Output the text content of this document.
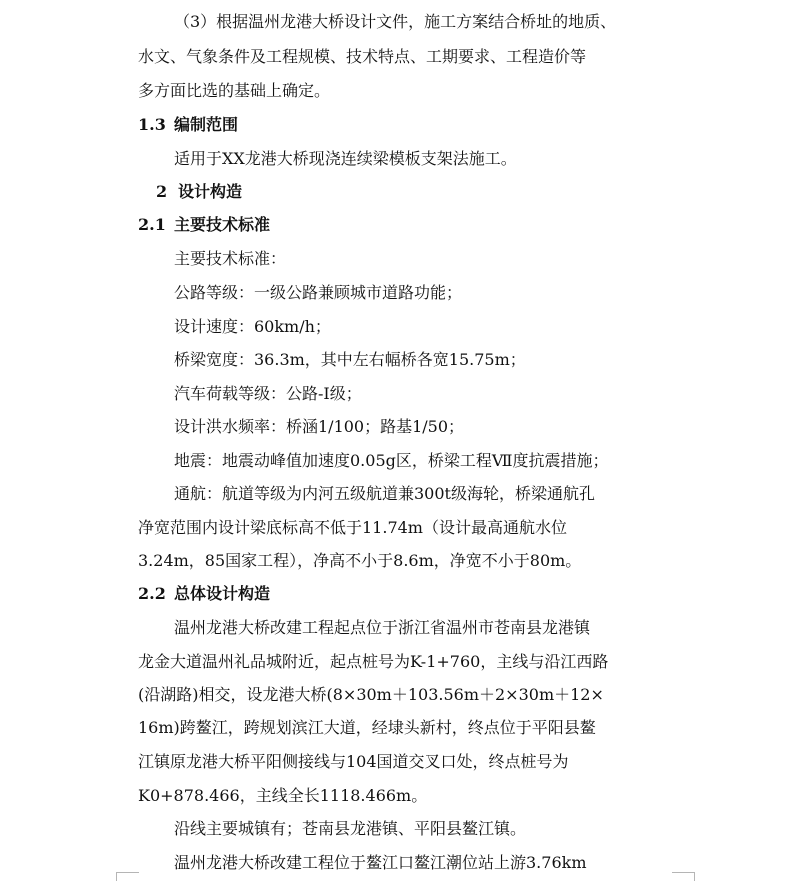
（3）根据温州龙港大桥设计文件，施工方案结合桥址的地质、

水文、气象条件及工程规模、技术特点、工期要求、工程造价等

多方面比选的基础上确定。

1.3 编制范围

适用于XX龙港大桥现浇连续梁模板支架法施工。

2 设计构造

2.1 主要技术标准

主要技术标准：

公路等级：一级公路兼顾城市道路功能；

设计速度：60km/h；

桥梁宽度：36.3m，其中左右幅桥各宽15.75m；

汽车荷载等级：公路-Ⅰ级；

设计洪水频率：桥涵1/100；路基1/50；

地震：地震动峰值加速度0.05g区，桥梁工程Ⅶ度抗震措施；

通航：航道等级为内河五级航道兼300t级海轮，桥梁通航孔

净宽范围内设计梁底标高不低于11.74m（设计最高通航水位

3.24m，85国家工程），净高不小于8.6m，净宽不小于80m。

2.2 总体设计构造

温州龙港大桥改建工程起点位于浙江省温州市苍南县龙港镇

龙金大道温州礼品城附近，起点桩号为K-1+760，主线与沿江西路

(沿湖路)相交，设龙港大桥(8×30m＋103.56m＋2×30m＋12×

16m)跨鳌江，跨规划滨江大道，经埭头新村，终点位于平阳县鳌

江镇原龙港大桥平阳侧接线与104国道交叉口处，终点桩号为

K0+878.466，主线全长1118.466m。

沿线主要城镇有；苍南县龙港镇、平阳县鳌江镇。

温州龙港大桥改建工程位于鳌江口鳌江潮位站上游3.76km
